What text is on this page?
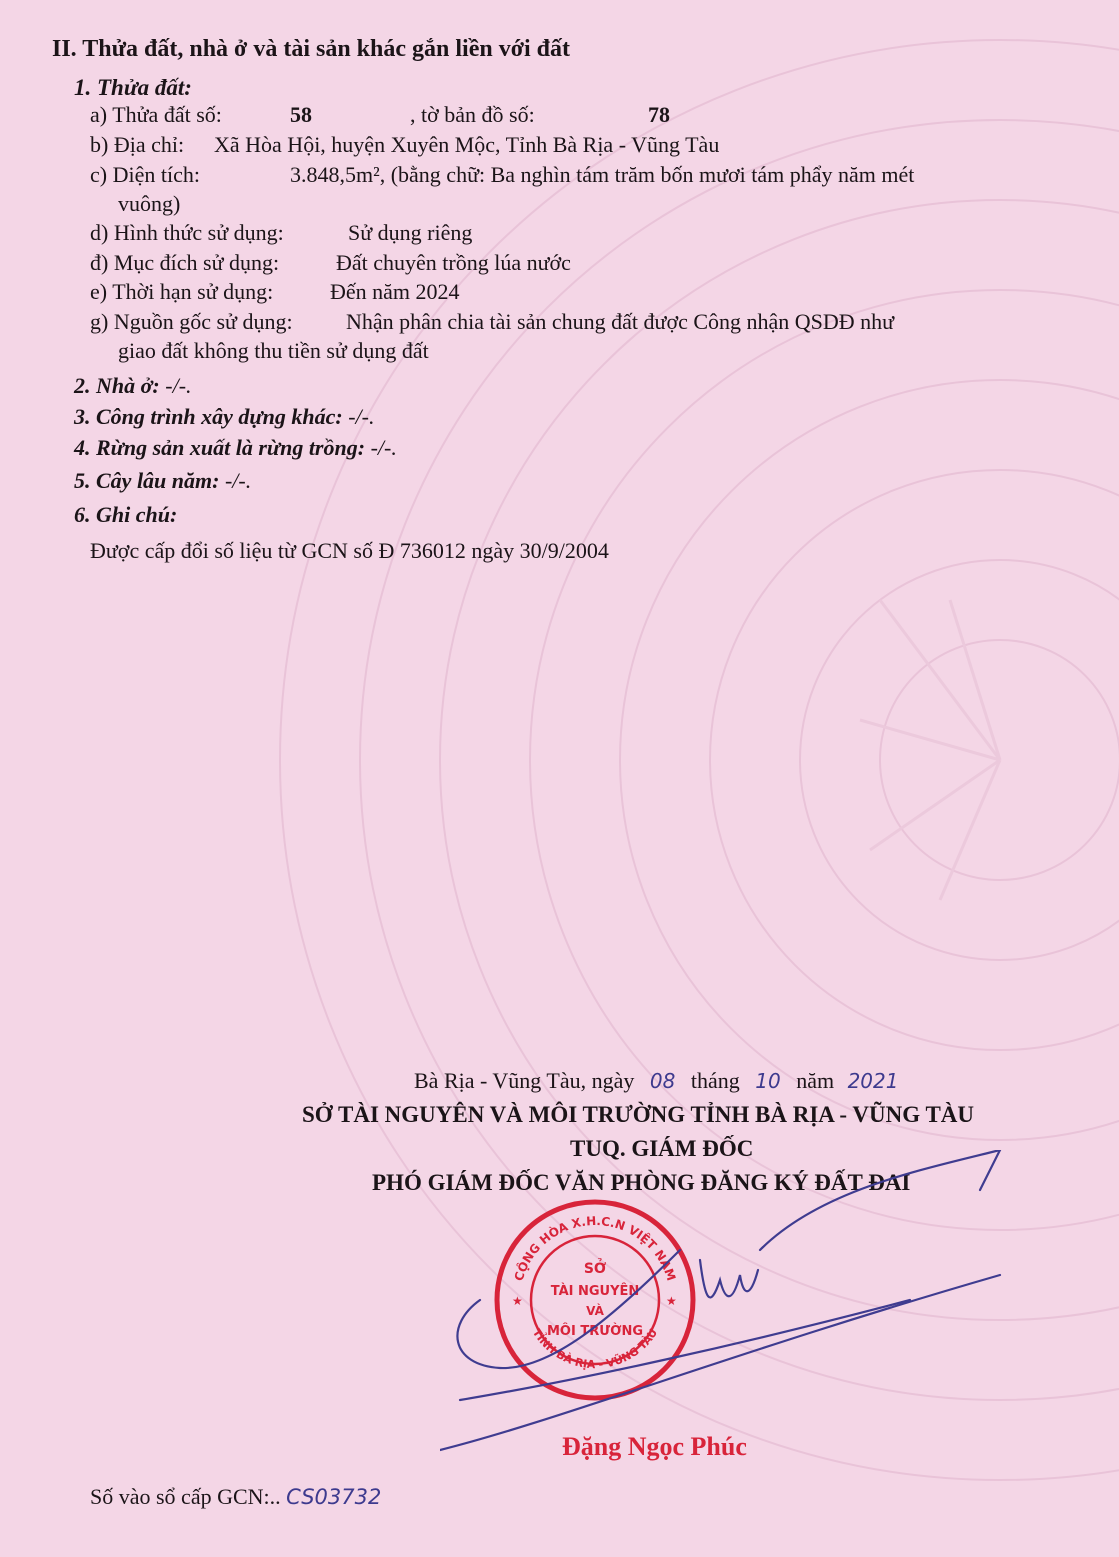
II. Thửa đất, nhà ở và tài sản khác gắn liền với đất
1. Thửa đất:
a) Thửa đất số:	58	, tờ bản đồ số:	78
b) Địa chỉ: Xã Hòa Hội, huyện Xuyên Mộc, Tỉnh Bà Rịa - Vũng Tàu
c) Diện tích:	3.848,5m², (bằng chữ: Ba nghìn tám trăm bốn mươi tám phẩy năm mét
vuông)
d) Hình thức sử dụng:	Sử dụng riêng
đ) Mục đích sử dụng:	Đất chuyên trồng lúa nước
e) Thời hạn sử dụng:	Đến năm 2024
g) Nguồn gốc sử dụng: Nhận phân chia tài sản chung đất được Công nhận QSDĐ như
giao đất không thu tiền sử dụng đất
2. Nhà ở: -/-.
3. Công trình xây dựng khác: -/-.
4. Rừng sản xuất là rừng trồng: -/-.
5. Cây lâu năm: -/-.
6. Ghi chú:
Được cấp đổi số liệu từ GCN số Đ 736012 ngày 30/9/2004
Bà Rịa - Vũng Tàu, ngày 08 tháng 10 năm 2021
SỞ TÀI NGUYÊN VÀ MÔI TRƯỜNG TỈNH BÀ RỊA - VŨNG TÀU
TUQ. GIÁM ĐỐC
PHÓ GIÁM ĐỐC VĂN PHÒNG ĐĂNG KÝ ĐẤT ĐAI
CỘNG HÒA X.H.C.N VIỆT NAM
TỈNH BÀ RỊA - VŨNG TÀU
SỞ
TÀI NGUYÊN
VÀ
MÔI TRƯỜNG
★	★
Đặng Ngọc Phúc
Số vào sổ cấp GCN:.. CS03732
